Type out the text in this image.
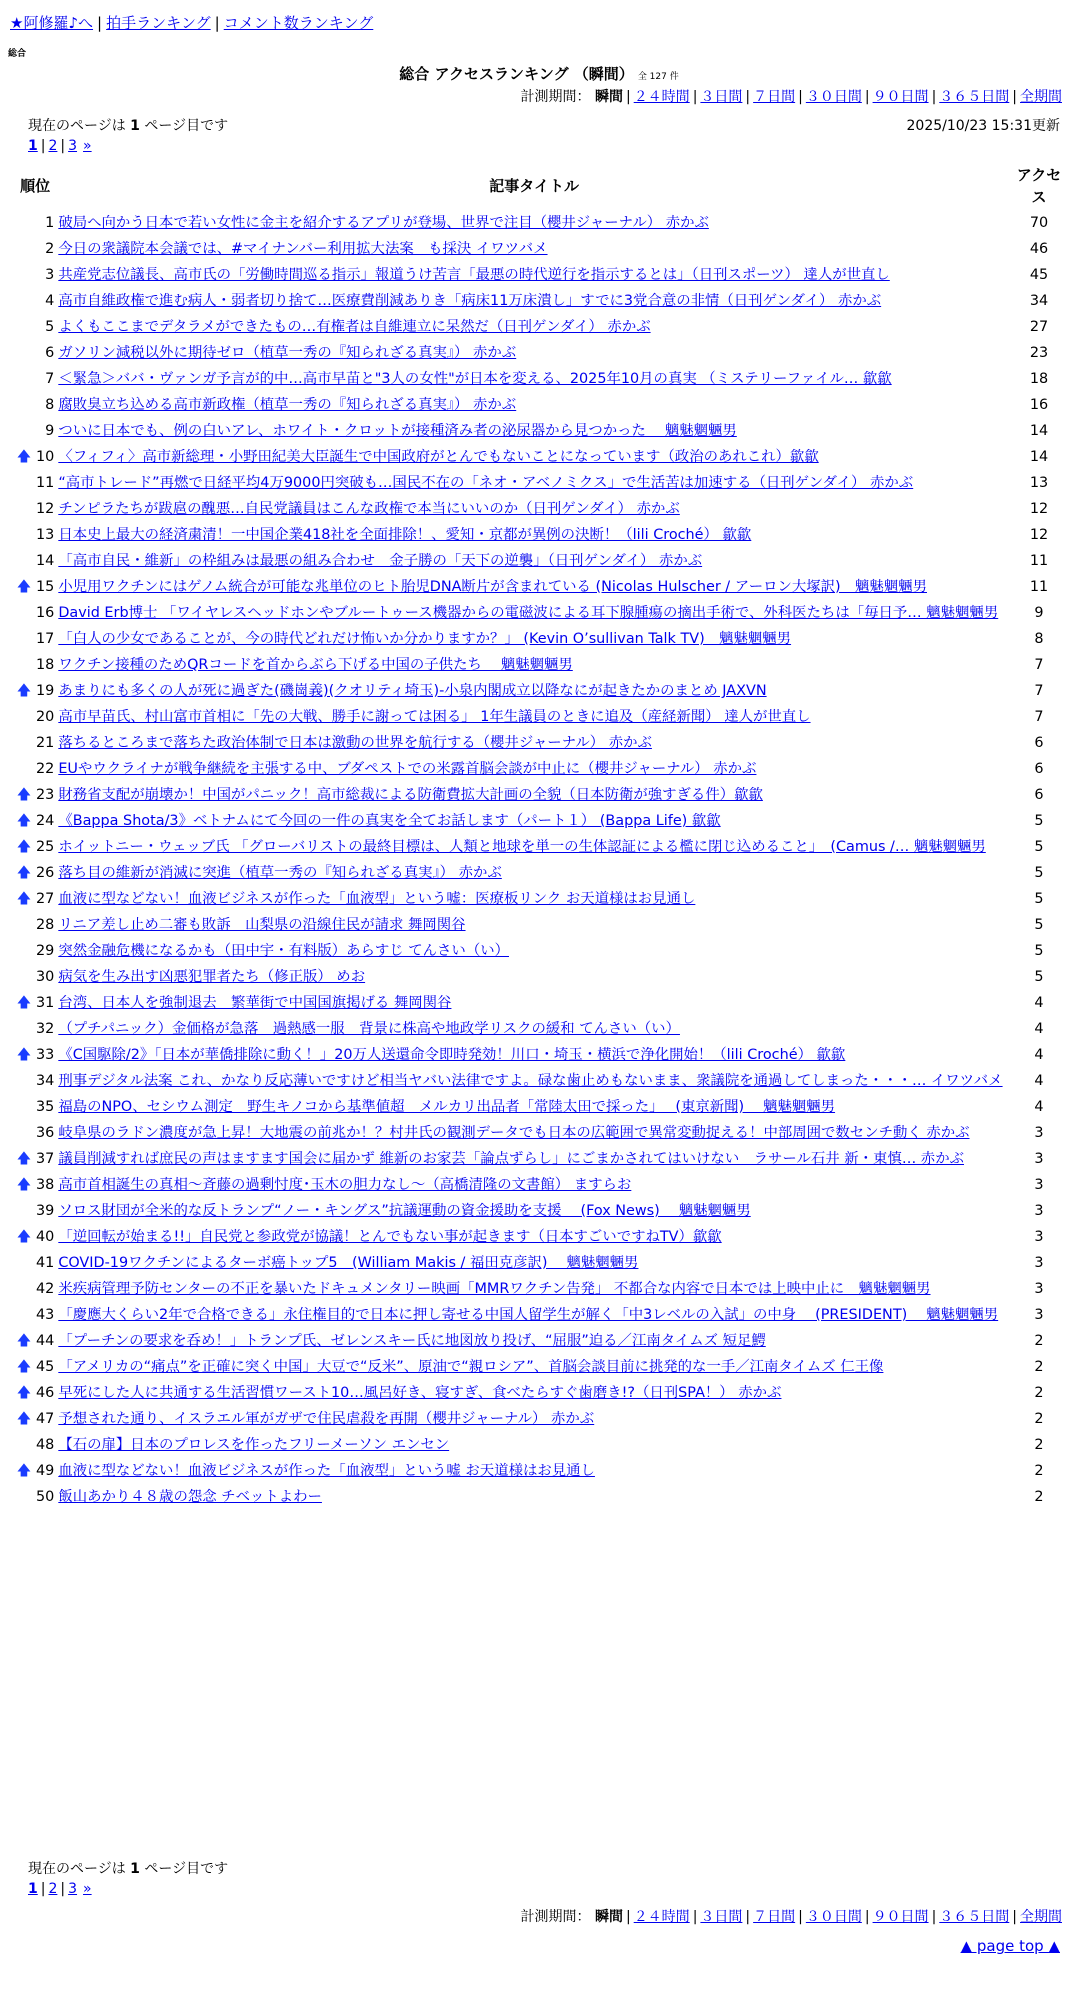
★阿修羅♪へ | 拍手ランキング | コメント数ランキング
総合
総合 アクセスランキング （瞬間） 全 127 件
計測期間： 瞬間 | ２４時間 | ３日間 | ７日間 | ３０日間 | ９０日間 | ３６５日間 | 全期間
現在のページは 1 ページ目です	2025/10/23 15:31更新
1 | 2 | 3 »
順位		記事タイトル	アクセス
	1	破局へ向かう日本で若い女性に金主を紹介するアプリが登場、世界で注目（櫻井ジャーナル） 赤かぶ	70
	2	今日の衆議院本会議では、#マイナンバー利用拡大法案　も採決 イワツバメ	46
	3	共産党志位議長、高市氏の「労働時間巡る指示」報道うけ苦言「最悪の時代逆行を指示するとは」（日刊スポーツ） 達人が世直し	45
	4	高市自維政権で進む病人・弱者切り捨て…医療費削減ありき「病床11万床潰し」すでに3党合意の非情（日刊ゲンダイ） 赤かぶ	34
	5	よくもここまでデタラメができたもの…有権者は自維連立に呆然だ（日刊ゲンダイ） 赤かぶ	27
	6	ガソリン減税以外に期待ゼロ（植草一秀の『知られざる真実』） 赤かぶ	23
	7	＜緊急＞ババ・ヴァンガ予言が的中…高市早苗と"3人の女性"が日本を変える、2025年10月の真実 （ミステリーファイル… 歙歙	18
	8	腐敗臭立ち込める高市新政権（植草一秀の『知られざる真実』） 赤かぶ	16
	9	ついに日本でも、例の白いアレ、ホワイト・クロットが接種済み者の泌尿器から見つかった　 魑魅魍魎男	14
🡅	10	〈フィフィ〉高市新総理・小野田紀美大臣誕生で中国政府がとんでもないことになっています（政治のあれこれ）歙歙	14
	11	“高市トレード”再燃で日経平均4万9000円突破も…国民不在の「ネオ・アベノミクス」で生活苦は加速する（日刊ゲンダイ） 赤かぶ	13
	12	チンピラたちが跋扈の醜悪…自民党議員はこんな政権で本当にいいのか（日刊ゲンダイ） 赤かぶ	12
	13	日本史上最大の経済粛清！一中国企業418社を全面排除！、愛知・京都が異例の決断！（lili Croché） 歙歙	12
	14	「高市自民・維新」の枠組みは最悪の組み合わせ　金子勝の「天下の逆襲」（日刊ゲンダイ） 赤かぶ	11
🡅	15	小児用ワクチンにはゲノム統合が可能な兆単位のヒト胎児DNA断片が含まれている (Nicolas Hulscher / アーロン大塚訳)　魑魅魍魎男	11
	16	David Erb博士 「ワイヤレスヘッドホンやブルートゥース機器からの電磁波による耳下腺腫瘍の摘出手術で、外科医たちは「毎日予… 魑魅魍魎男	9
	17	「白人の少女であることが、今の時代どれだけ怖いか分かりますか？」 (Kevin O’sullivan Talk TV)　魑魅魍魎男	8
	18	ワクチン接種のためQRコードを首からぶら下げる中国の子供たち　 魑魅魍魎男	7
🡅	19	あまりにも多くの人が死に過ぎた(磯崗義)(クオリティ埼玉)-小泉内閣成立以降なにが起きたかのまとめ JAXVN	7
	20	高市早苗氏、村山富市首相に「先の大戦、勝手に謝っては困る」 1年生議員のときに追及（産経新聞） 達人が世直し	7
	21	落ちるところまで落ちた政治体制で日本は激動の世界を航行する（櫻井ジャーナル） 赤かぶ	6
	22	EUやウクライナが戦争継続を主張する中、ブダペストでの米露首脳会談が中止に（櫻井ジャーナル） 赤かぶ	6
🡅	23	財務省支配が崩壊か！中国がパニック！高市総裁による防衛費拡大計画の全貌（日本防衛が強すぎる件）歙歙	6
🡅	24	《Bappa Shota/3》ベトナムにて今回の一件の真実を全てお話します（パート１） (Bappa Life) 歙歙	5
🡅	25	ホイットニー・ウェッブ氏 「グローバリストの最終目標は、人類と地球を単一の生体認証による檻に閉じ込めること」　(Camus /… 魑魅魍魎男	5
🡅	26	落ち目の維新が消滅に突進（植草一秀の『知られざる真実』） 赤かぶ	5
🡅	27	血液に型などない！血液ビジネスが作った「血液型」という嘘：医療板リンク お天道様はお見通し	5
	28	リニア差し止め二審も敗訴　山梨県の沿線住民が請求 舞岡関谷	5
	29	突然金融危機になるかも（田中宇・有料版）あらすじ てんさい（い）	5
	30	病気を生み出す凶悪犯罪者たち（修正版） めお	5
🡅	31	台湾、日本人を強制退去　繁華街で中国国旗掲げる 舞岡関谷	4
	32	（プチパニック）金価格が急落　過熱感一服　背景に株高や地政学リスクの緩和 てんさい（い）	4
🡅	33	《C国駆除/2》「日本が華僑排除に動く！」20万人送還命令即時発効！川口・埼玉・横浜で浄化開始！（lili Croché） 歙歙	4
	34	刑事デジタル法案 これ、かなり反応薄いですけど相当ヤバい法律ですよ。碌な歯止めもないまま、衆議院を通過してしまった・・・… イワツバメ	4
	35	福島のNPO、セシウム測定　野生キノコから基準値超　メルカリ出品者「常陸太田で採った」　 (東京新聞)　 魑魅魍魎男	4
	36	岐阜県のラドン濃度が急上昇！大地震の前兆か！？村井氏の観測データでも日本の広範囲で異常変動捉える！中部周囲で数センチ動く 赤かぶ	3
🡅	37	議員削減すれば庶民の声はますます国会に届かず 維新のお家芸「論点ずらし」にごまかされてはいけない　ラサール石井 新・東慎… 赤かぶ	3
🡅	38	高市首相誕生の真相〜斉藤の過剰忖度･玉木の胆力なし〜（高橋清隆の文書館） ますらお	3
	39	ソロス財団が全米的な反トランプ“ノー・キングス”抗議運動の資金援助を支援　 (Fox News)　 魑魅魍魎男	3
🡅	40	「逆回転が始まる!!」自民党と参政党が協議！とんでもない事が起きます（日本すごいですねTV）歙歙	3
	41	COVID-19ワクチンによるターボ癌トップ5　(William Makis / 福田克彦訳)　 魑魅魍魎男	3
	42	米疾病管理予防センターの不正を暴いたドキュメンタリー映画「MMRワクチン告発」 不都合な内容で日本では上映中止に　魑魅魍魎男	3
	43	「慶應大くらい2年で合格できる」永住権目的で日本に押し寄せる中国人留学生が解く「中3レベルの入試」の中身　 (PRESIDENT)　 魑魅魍魎男	3
🡅	44	「プーチンの要求を呑め！」トランプ氏、ゼレンスキー氏に地図放り投げ、“屈服”迫る／江南タイムズ 短足鰐	2
🡅	45	「アメリカの“痛点”を正確に突く中国」大豆で“反米”、原油で“親ロシア”、首脳会談目前に挑発的な一手／江南タイムズ 仁王像	2
🡅	46	早死にした人に共通する生活習慣ワースト10…風呂好き、寝すぎ、食べたらすぐ歯磨き!?（日刊SPA！） 赤かぶ	2
🡅	47	予想された通り、イスラエル軍がガザで住民虐殺を再開（櫻井ジャーナル） 赤かぶ	2
	48	【石の扉】日本のプロレスを作ったフリーメーソン エンセン	2
🡅	49	血液に型などない！血液ビジネスが作った「血液型」という嘘 お天道様はお見通し	2
	50	飯山あかり４８歳の怨念 チベットよわー	2
現在のページは 1 ページ目です
1 | 2 | 3 »
計測期間： 瞬間 | ２４時間 | ３日間 | ７日間 | ３０日間 | ９０日間 | ３６５日間 | 全期間
▲ page top ▲
